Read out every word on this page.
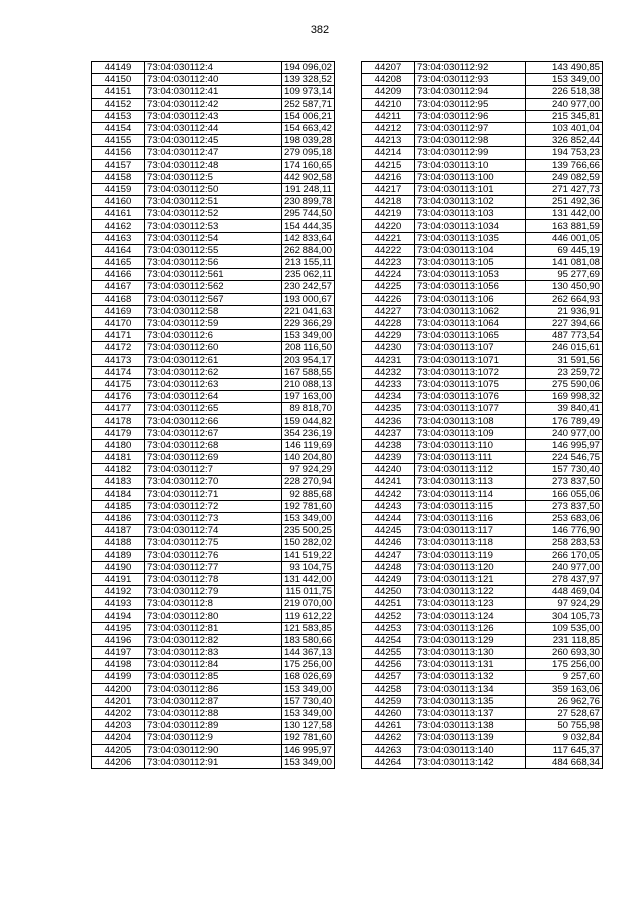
382
44149	73:04:030112:4	194 096,02
44150	73:04:030112:40	139 328,52
44151	73:04:030112:41	109 973,14
44152	73:04:030112:42	252 587,71
44153	73:04:030112:43	154 006,21
44154	73:04:030112:44	154 663,42
44155	73:04:030112:45	198 039,28
44156	73:04:030112:47	279 095,18
44157	73:04:030112:48	174 160,65
44158	73:04:030112:5	442 902,58
44159	73:04:030112:50	191 248,11
44160	73:04:030112:51	230 899,78
44161	73:04:030112:52	295 744,50
44162	73:04:030112:53	154 444,35
44163	73:04:030112:54	142 833,64
44164	73:04:030112:55	262 884,00
44165	73:04:030112:56	213 155,11
44166	73:04:030112:561	235 062,11
44167	73:04:030112:562	230 242,57
44168	73:04:030112:567	193 000,67
44169	73:04:030112:58	221 041,63
44170	73:04:030112:59	229 366,29
44171	73:04:030112:6	153 349,00
44172	73:04:030112:60	208 116,50
44173	73:04:030112:61	203 954,17
44174	73:04:030112:62	167 588,55
44175	73:04:030112:63	210 088,13
44176	73:04:030112:64	197 163,00
44177	73:04:030112:65	89 818,70
44178	73:04:030112:66	159 044,82
44179	73:04:030112:67	354 236,19
44180	73:04:030112:68	146 119,69
44181	73:04:030112:69	140 204,80
44182	73:04:030112:7	97 924,29
44183	73:04:030112:70	228 270,94
44184	73:04:030112:71	92 885,68
44185	73:04:030112:72	192 781,60
44186	73:04:030112:73	153 349,00
44187	73:04:030112:74	235 500,25
44188	73:04:030112:75	150 282,02
44189	73:04:030112:76	141 519,22
44190	73:04:030112:77	93 104,75
44191	73:04:030112:78	131 442,00
44192	73:04:030112:79	115 011,75
44193	73:04:030112:8	219 070,00
44194	73:04:030112:80	119 612,22
44195	73:04:030112:81	121 583,85
44196	73:04:030112:82	183 580,66
44197	73:04:030112:83	144 367,13
44198	73:04:030112:84	175 256,00
44199	73:04:030112:85	168 026,69
44200	73:04:030112:86	153 349,00
44201	73:04:030112:87	157 730,40
44202	73:04:030112:88	153 349,00
44203	73:04:030112:89	130 127,58
44204	73:04:030112:9	192 781,60
44205	73:04:030112:90	146 995,97
44206	73:04:030112:91	153 349,00
44207	73:04:030112:92	143 490,85
44208	73:04:030112:93	153 349,00
44209	73:04:030112:94	226 518,38
44210	73:04:030112:95	240 977,00
44211	73:04:030112:96	215 345,81
44212	73:04:030112:97	103 401,04
44213	73:04:030112:98	326 852,44
44214	73:04:030112:99	194 753,23
44215	73:04:030113:10	139 766,66
44216	73:04:030113:100	249 082,59
44217	73:04:030113:101	271 427,73
44218	73:04:030113:102	251 492,36
44219	73:04:030113:103	131 442,00
44220	73:04:030113:1034	163 881,59
44221	73:04:030113:1035	446 001,05
44222	73:04:030113:104	69 445,19
44223	73:04:030113:105	141 081,08
44224	73:04:030113:1053	95 277,69
44225	73:04:030113:1056	130 450,90
44226	73:04:030113:106	262 664,93
44227	73:04:030113:1062	21 936,91
44228	73:04:030113:1064	227 394,66
44229	73:04:030113:1065	487 773,54
44230	73:04:030113:107	246 015,61
44231	73:04:030113:1071	31 591,56
44232	73:04:030113:1072	23 259,72
44233	73:04:030113:1075	275 590,06
44234	73:04:030113:1076	169 998,32
44235	73:04:030113:1077	39 840,41
44236	73:04:030113:108	176 789,49
44237	73:04:030113:109	240 977,00
44238	73:04:030113:110	146 995,97
44239	73:04:030113:111	224 546,75
44240	73:04:030113:112	157 730,40
44241	73:04:030113:113	273 837,50
44242	73:04:030113:114	166 055,06
44243	73:04:030113:115	273 837,50
44244	73:04:030113:116	253 683,06
44245	73:04:030113:117	146 776,90
44246	73:04:030113:118	258 283,53
44247	73:04:030113:119	266 170,05
44248	73:04:030113:120	240 977,00
44249	73:04:030113:121	278 437,97
44250	73:04:030113:122	448 469,04
44251	73:04:030113:123	97 924,29
44252	73:04:030113:124	304 105,73
44253	73:04:030113:126	109 535,00
44254	73:04:030113:129	231 118,85
44255	73:04:030113:130	260 693,30
44256	73:04:030113:131	175 256,00
44257	73:04:030113:132	9 257,60
44258	73:04:030113:134	359 163,06
44259	73:04:030113:135	26 962,76
44260	73:04:030113:137	27 528,67
44261	73:04:030113:138	50 755,98
44262	73:04:030113:139	9 032,84
44263	73:04:030113:140	117 645,37
44264	73:04:030113:142	484 668,34
